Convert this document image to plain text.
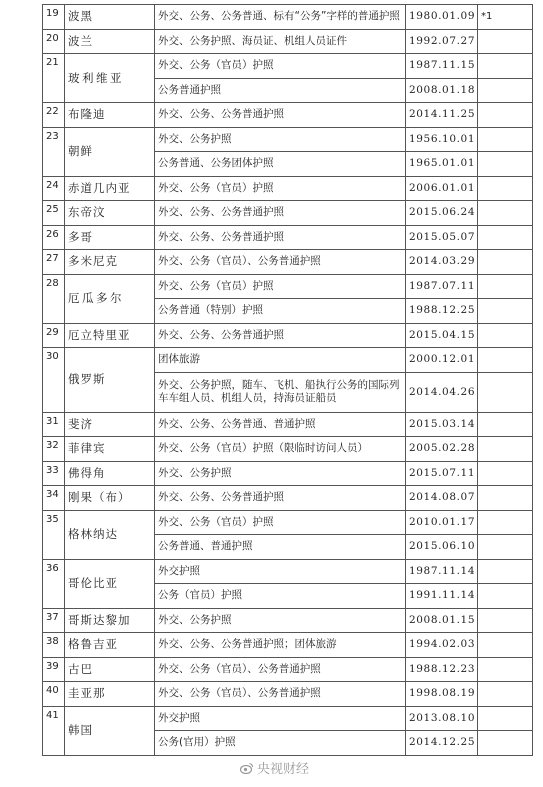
19	波黑	外交、公务、公务普通、标有“公务”字样的普通护照	1980.01.09	*1
20	波兰	外交、公务护照、海员证、机组人员证件	1992.07.27	
21	玻利维亚	外交、公务（官员）护照	1987.11.15	
		公务普通护照	2008.01.18	
22	布隆迪	外交、公务、公务普通护照	2014.11.25	
23	朝鲜	外交、公务护照	1956.10.01	
		公务普通、公务团体护照	1965.01.01	
24	赤道几内亚	外交、公务（官员）护照	2006.01.01	
25	东帝汶	外交、公务、公务普通护照	2015.06.24	
26	多哥	外交、公务、公务普通护照	2015.05.07	
27	多米尼克	外交、公务（官员）、公务普通护照	2014.03.29	
28	厄瓜多尔	外交、公务（官员）护照	1987.07.11	
		公务普通（特别）护照	1988.12.25	
29	厄立特里亚	外交、公务、公务普通护照	2015.04.15	
30	俄罗斯	团体旅游	2000.12.01	
		外交、公务护照，随车、飞机、船执行公务的国际列车车组人员、机组人员，持海员证船员	2014.04.26	
31	斐济	外交、公务、公务普通、普通护照	2015.03.14	
32	菲律宾	外交、公务（官员）护照（限临时访问人员）	2005.02.28	
33	佛得角	外交、公务护照	2015.07.11	
34	刚果（布）	外交、公务、公务普通护照	2014.08.07	
35	格林纳达	外交、公务（官员）护照	2010.01.17	
		公务普通、普通护照	2015.06.10	
36	哥伦比亚	外交护照	1987.11.14	
		公务（官员）护照	1991.11.14	
37	哥斯达黎加	外交、公务护照	2008.01.15	
38	格鲁吉亚	外交、公务、公务普通护照；团体旅游	1994.02.03	
39	古巴	外交、公务（官员）、公务普通护照	1988.12.23	
40	圭亚那	外交、公务（官员）、公务普通护照	1998.08.19	
41	韩国	外交护照	2013.08.10	
		公务(官用）护照	2014.12.25	
央视财经
